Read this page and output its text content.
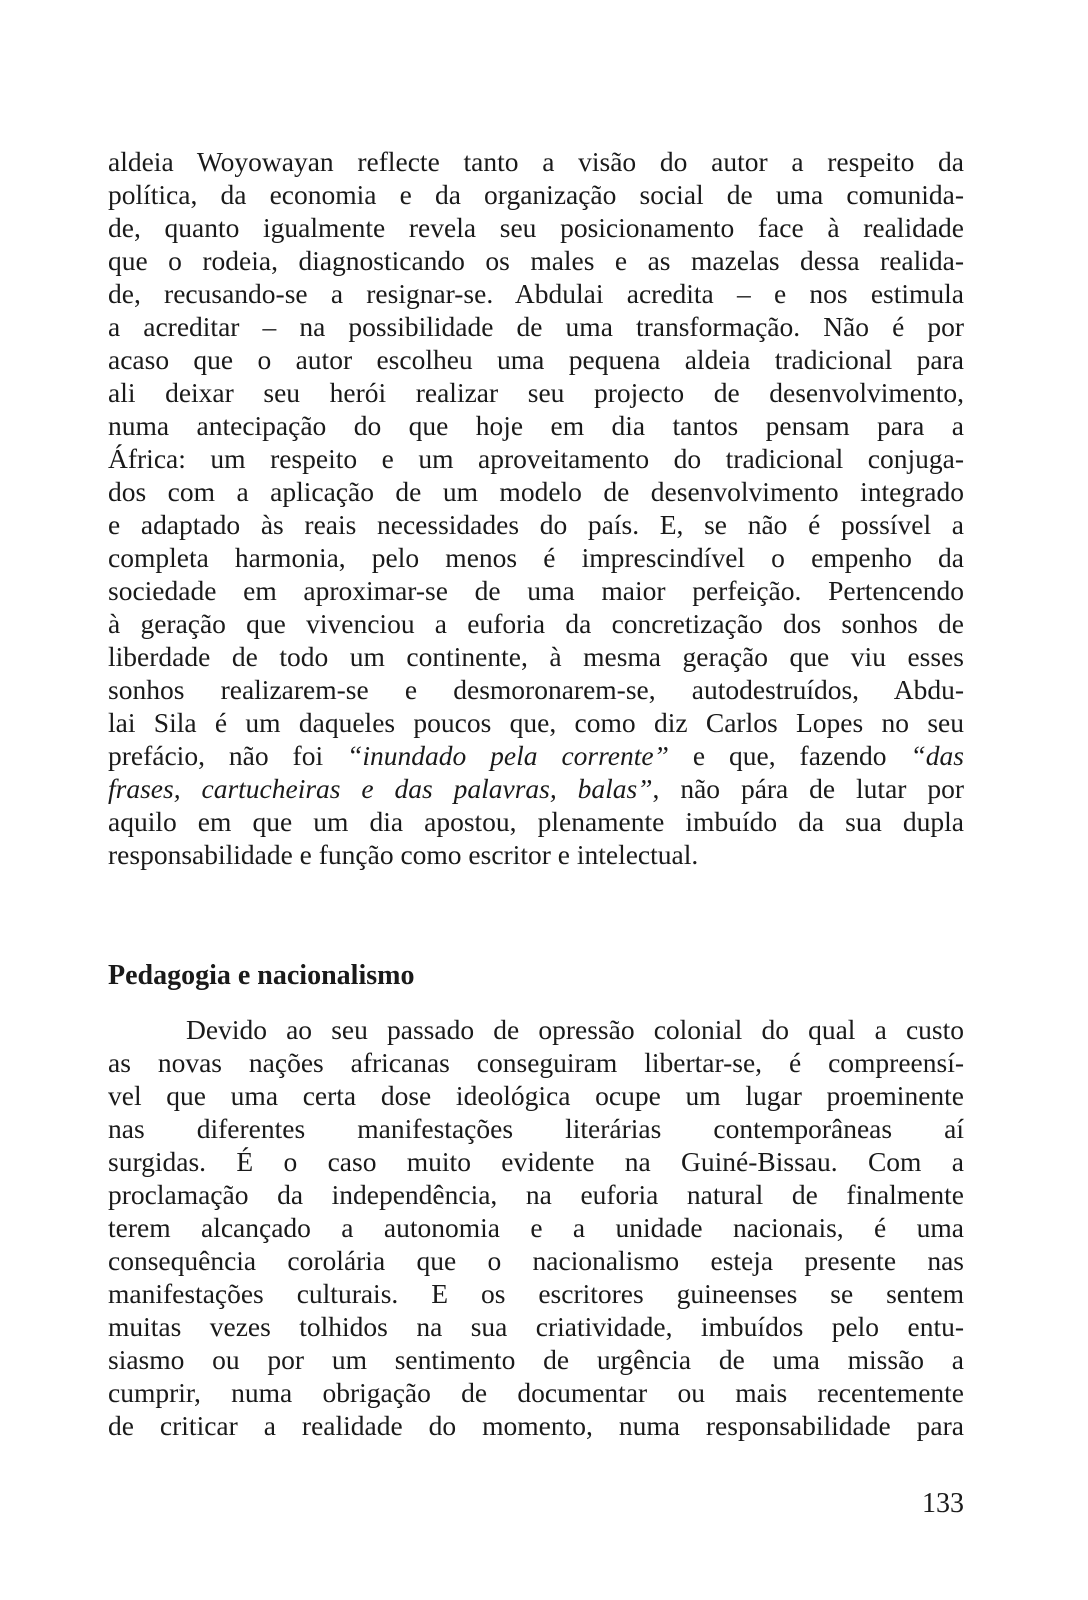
aldeia Woyowayan reflecte tanto a visão do autor a respeito da
política, da economia e da organização social de uma comunida-
de, quanto igualmente revela seu posicionamento face à realidade
que o rodeia, diagnosticando os males e as mazelas dessa realida-
de, recusando-se a resignar-se. Abdulai acredita – e nos estimula
a acreditar – na possibilidade de uma transformação. Não é por
acaso que o autor escolheu uma pequena aldeia tradicional para
ali deixar seu herói realizar seu projecto de desenvolvimento,
numa antecipação do que hoje em dia tantos pensam para a
África: um respeito e um aproveitamento do tradicional conjuga-
dos com a aplicação de um modelo de desenvolvimento integrado
e adaptado às reais necessidades do país. E, se não é possível a
completa harmonia, pelo menos é imprescindível o empenho da
sociedade em aproximar-se de uma maior perfeição. Pertencendo
à geração que vivenciou a euforia da concretização dos sonhos de
liberdade de todo um continente, à mesma geração que viu esses
sonhos realizarem-se e desmoronarem-se, autodestruídos, Abdu-
lai Sila é um daqueles poucos que, como diz Carlos Lopes no seu
prefácio, não foi “inundado pela corrente” e que, fazendo “das
frases, cartucheiras e das palavras, balas”, não pára de lutar por
aquilo em que um dia apostou, plenamente imbuído da sua dupla
responsabilidade e função como escritor e intelectual.
Pedagogia e nacionalismo
Devido ao seu passado de opressão colonial do qual a custo
as novas nações africanas conseguiram libertar-se, é compreensí-
vel que uma certa dose ideológica ocupe um lugar proeminente
nas diferentes manifestações literárias contemporâneas aí
surgidas. É o caso muito evidente na Guiné-Bissau. Com a
proclamação da independência, na euforia natural de finalmente
terem alcançado a autonomia e a unidade nacionais, é uma
consequência corolária que o nacionalismo esteja presente nas
manifestações culturais. E os escritores guineenses se sentem
muitas vezes tolhidos na sua criatividade, imbuídos pelo entu-
siasmo ou por um sentimento de urgência de uma missão a
cumprir, numa obrigação de documentar ou mais recentemente
de criticar a realidade do momento, numa responsabilidade para
133
